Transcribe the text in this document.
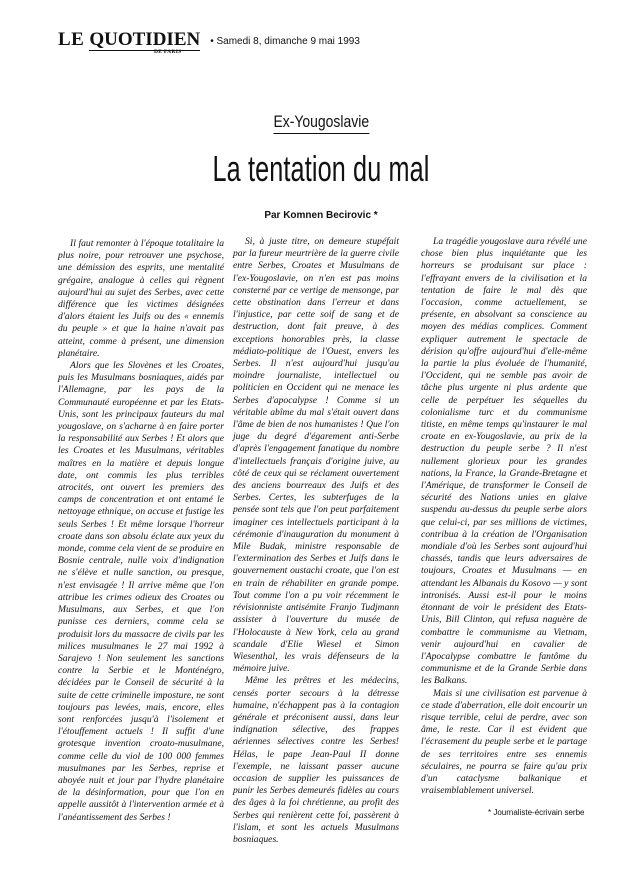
LE QUOTIDIEN
DE PARIS
• Samedi 8, dimanche 9 mai 1993
Ex-Yougoslavie
La tentation du mal
Par Komnen Becirovic *

Il faut remonter à l'époque totalitaire la plus noire, pour retrouver une psychose, une démission des esprits, une mentalité grégaire, analogue à celles qui règnent aujourd'hui au sujet des Serbes, avec cette différence que les victimes désignées d'alors étaient les Juifs ou des « ennemis du peuple » et que la haine n'avait pas atteint, comme à présent, une dimension planétaire.

Alors que les Slovènes et les Croates, puis les Musulmans bosniaques, aidés par l'Allemagne, par les pays de la Communauté européenne et par les Etats-Unis, sont les principaux fauteurs du mal yougoslave, on s'acharne à en faire porter la responsabilité aux Serbes ! Et alors que les Croates et les Musulmans, véritables maîtres en la matière et depuis longue date, ont commis les plus terribles atrocités, ont ouvert les premiers des camps de concentration et ont entamé le nettoyage ethnique, on accuse et fustige les seuls Serbes ! Et même lorsque l'horreur croate dans son absolu éclate aux yeux du monde, comme cela vient de se produire en Bosnie centrale, nulle voix d'indignation ne s'élève et nulle sanction, ou presque, n'est envisagée ! Il arrive même que l'on attribue les crimes odieux des Croates ou Musulmans, aux Serbes, et que l'on punisse ces derniers, comme cela se produisit lors du massacre de civils par les milices musulmanes le 27 mai 1992 à Sarajevo ! Non seulement les sanctions contre la Serbie et le Monténégro, décidées par le Conseil de sécurité à la suite de cette criminelle imposture, ne sont toujours pas levées, mais, encore, elles sont renforcées jusqu'à l'isolement et l'étouffement actuels ! Il suffit d'une grotesque invention croato-musulmane, comme celle du viol de 100 000 femmes musulmanes par les Serbes, reprise et aboyée nuit et jour par l'hydre planétaire de la désinformation, pour que l'on en appelle aussitôt à l'intervention armée et à l'anéantissement des Serbes !

Si, à juste titre, on demeure stupéfait par la fureur meurtrière de la guerre civile entre Serbes, Croates et Musulmans de l'ex-Yougoslavie, on n'en est pas moins consterné par ce vertige de mensonge, par cette obstination dans l'erreur et dans l'injustice, par cette soif de sang et de destruction, dont fait preuve, à des exceptions honorables près, la classe médiato-politique de l'Ouest, envers les Serbes. Il n'est aujourd'hui jusqu'au moindre journaliste, intellectuel ou politicien en Occident qui ne menace les Serbes d'apocalypse ! Comme si un véritable abîme du mal s'était ouvert dans l'âme de bien de nos humanistes ! Que l'on juge du degré d'égarement anti-Serbe d'après l'engagement fanatique du nombre d'intellectuels français d'origine juive, au côté de ceux qui se réclament ouvertement des anciens bourreaux des Juifs et des Serbes. Certes, les subterfuges de la pensée sont tels que l'on peut parfaitement imaginer ces intellectuels participant à la cérémonie d'inauguration du monument à Mile Budak, ministre responsable de l'extermination des Serbes et Juifs dans le gouvernement oustachi croate, que l'on est en train de réhabiliter en grande pompe. Tout comme l'on a pu voir récemment le révisionniste antisémite Franjo Tudjmann assister à l'ouverture du musée de l'Holocauste à New York, cela au grand scandale d'Elie Wiesel et Simon Wiesenthal, les vrais défenseurs de la mémoire juive.

Même les prêtres et les médecins, censés porter secours à la détresse humaine, n'échappent pas à la contagion générale et préconisent aussi, dans leur indignation sélective, des frappes aériennes sélectives contre les Serbes! Hélas, le pape Jean-Paul II donne l'exemple, ne laissant passer aucune occasion de supplier les puissances de punir les Serbes demeurés fidèles au cours des âges à la foi chrétienne, au profit des Serbes qui renièrent cette foi, passèrent à l'islam, et sont les actuels Musulmans bosniaques.

La tragédie yougoslave aura révélé une chose bien plus inquiétante que les horreurs se produisant sur place : l'effrayant envers de la civilisation et la tentation de faire le mal dès que l'occasion, comme actuellement, se présente, en absolvant sa conscience au moyen des médias complices. Comment expliquer autrement le spectacle de dérision qu'offre aujourd'hui d'elle-même la partie la plus évoluée de l'humanité, l'Occident, qui ne semble pas avoir de tâche plus urgente ni plus ardente que celle de perpétuer les séquelles du colonialisme turc et du communisme titiste, en même temps qu'instaurer le mal croate en ex-Yougoslavie, au prix de la destruction du peuple serbe ? Il n'est nullement glorieux pour les grandes nations, la France, la Grande-Bretagne et l'Amérique, de transformer le Conseil de sécurité des Nations unies en glaive suspendu au-dessus du peuple serbe alors que celui-ci, par ses millions de victimes, contribua à la création de l'Organisation mondiale d'où les Serbes sont aujourd'hui chassés, tandis que leurs adversaires de toujours, Croates et Musulmans — en attendant les Albanais du Kosovo — y sont intronisés. Aussi est-il pour le moins étonnant de voir le président des Etats-Unis, Bill Clinton, qui refusa naguère de combattre le communisme au Vietnam, venir aujourd'hui en cavalier de l'Apocalypse combattre le fantôme du communisme et de la Grande Serbie dans les Balkans.

Mais si une civilisation est parvenue à ce stade d'aberration, elle doit encourir un risque terrible, celui de perdre, avec son âme, le reste. Car il est évident que l'écrasement du peuple serbe et le partage de ses territoires entre ses ennemis séculaires, ne pourra se faire qu'au prix d'un cataclysme balkanique et vraisemblablement universel.

* Journaliste-écrivain serbe
